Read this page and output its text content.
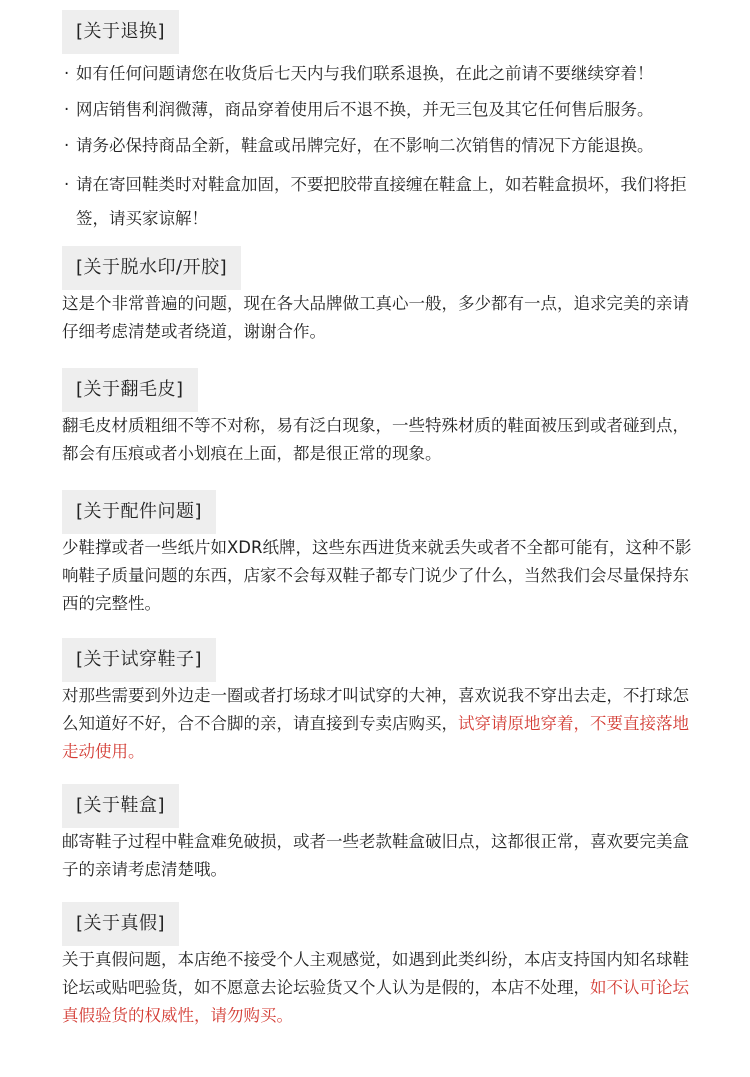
[关于退换]
· 如有任何问题请您在收货后七天内与我们联系退换，在此之前请不要继续穿着！
· 网店销售利润微薄，商品穿着使用后不退不换，并无三包及其它任何售后服务。
· 请务必保持商品全新，鞋盒或吊牌完好，在不影响二次销售的情况下方能退换。
· 请在寄回鞋类时对鞋盒加固，不要把胶带直接缠在鞋盒上，如若鞋盒损坏，我们将拒签，请买家谅解！
[关于脱水印/开胶]

这是个非常普遍的问题，现在各大品牌做工真心一般，多少都有一点，追求完美的亲请仔细考虑清楚或者绕道，谢谢合作。

[关于翻毛皮]

翻毛皮材质粗细不等不对称，易有泛白现象，一些特殊材质的鞋面被压到或者碰到点，都会有压痕或者小划痕在上面，都是很正常的现象。

[关于配件问题]

少鞋撑或者一些纸片如XDR纸牌，这些东西进货来就丢失或者不全都可能有，这种不影响鞋子质量问题的东西，店家不会每双鞋子都专门说少了什么，当然我们会尽量保持东西的完整性。

[关于试穿鞋子]

对那些需要到外边走一圈或者打场球才叫试穿的大神，喜欢说我不穿出去走，不打球怎么知道好不好，合不合脚的亲，请直接到专卖店购买，试穿请原地穿着，不要直接落地走动使用。

[关于鞋盒]

邮寄鞋子过程中鞋盒难免破损，或者一些老款鞋盒破旧点，这都很正常，喜欢要完美盒子的亲请考虑清楚哦。

[关于真假]

关于真假问题，本店绝不接受个人主观感觉，如遇到此类纠纷，本店支持国内知名球鞋论坛或贴吧验货，如不愿意去论坛验货又个人认为是假的，本店不处理，如不认可论坛真假验货的权威性，请勿购买。
